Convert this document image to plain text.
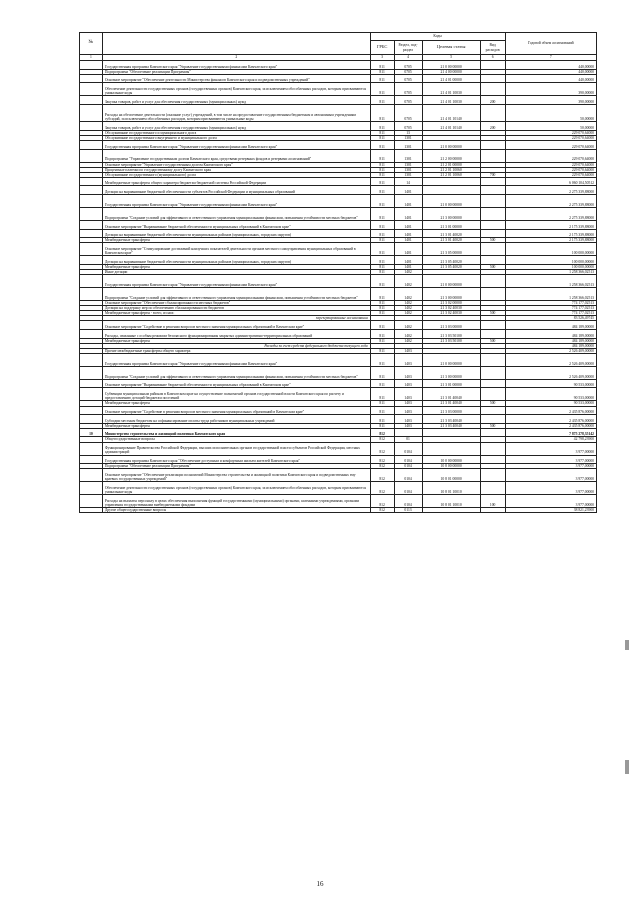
№		Коды				Годовой объем ассигнований
		ГРБС	Раздел, под-раздел	Целевая статья	Вид расходов	
1	2	3	4	5	6	7
	Государственная программа Камчатского края "Управление государственными финансами Камчатского края"	811	0705	21 0 00 00000		440,00000
	Подпрограмма "Обеспечение реализации Программы"	811	0705	21 4 00 00000		440,00000
	Основное мероприятие "Обеспечение деятельности Министерства финансов Камчатского края и подведомственных учреждений"	811	0705	21 4 01 00000		440,00000
	Обеспечение деятельности государственных органов (государственных органов) Камчатского края, за исключением обособленных расходов, которым присваиваются уникальные коды	811	0705	21 4 01 10030		390,00000
	Закупка товаров, работ и услуг для обеспечения государственных (муниципальных) нужд	811	0705	21 4 01 10030	200	390,00000
	Расходы на обеспечение деятельности (оказание услуг) учреждений, в том числе на предоставление государственным бюджетным и автономным учреждениям субсидий, за исключением обособленных расходов, которым присваиваются уникальные коды	811	0705	21 4 01 10140		50,00000
	Закупка товаров, работ и услуг для обеспечения государственных (муниципальных) нужд	811	0705	21 4 01 10140	200	50,00000
	Обслуживание государственного и муниципального долга	811	13			229 070,64000
	Обслуживание государственного внутреннего и муниципального долга	811	1301			229 070,64000
	Государственная программа Камчатского края "Управление государственными финансами Камчатского края"	811	1301	21 0 00 00000		229 070,64000
	Подпрограмма "Управление государственным долгом Камчатского края, средствами резервных фондов и резервами ассигнований"	811	1301	21 2 00 00000		229 070,64000
	Основное мероприятие "Управление государственным долгом Камчатского края"	811	1301	21 2 01 00000		229 070,64000
	Процентные платежи по государственному долгу Камчатского края	811	1301	21 2 01 10060		229 070,64000
	Обслуживание государственного (муниципального) долга	811	1301	21 2 01 10060	700	229 070,64000
	Межбюджетные трансферты общего характера бюджетам бюджетной системы Российской Федерации	811	14			6 060 104,50512
	Дотации на выравнивание бюджетной обеспеченности субъектов Российской Федерации и муниципальных образований	811	1401			2 275 339,88000
	Государственная программа Камчатского края "Управление государственными финансами Камчатского края"	811	1401	21 0 00 00000		2 275 339,88000
	Подпрограмма "Создание условий для эффективного и ответственного управления муниципальными финансами, повышения устойчивости местных бюджетов"	811	1401	21 3 00 00000		2 275 339,88000
	Основное мероприятие "Выравнивание бюджетной обеспеченности муниципальных образований в Камчатском крае"	811	1401	21 3 01 00000		2 175 339,88000
	Дотации на выравнивание бюджетной обеспеченности муниципальных районов (муниципальных, городских округов)	811	1401	21 3 01 40020		2 175 339,88000
	Межбюджетные трансферты	811	1401	21 3 01 40020	500	2 175 339,88000
	Основное мероприятие "Стимулирование достижений наилучших показателей деятельности органов местного самоуправления муниципальных образований в Камчатском крае"	811	1401	21 3 05 00000		100 000,00000
	Дотации на выравнивание бюджетной обеспеченности муниципальных районов (муниципальных, городских округов)	811	1401	21 3 05 40020		100 000,00000
	Межбюджетные трансферты	811	1401	21 3 05 40020	500	100 000,00000
	Иные дотации	811	1402			1 258 366,02513
	Государственная программа Камчатского края "Управление государственными финансами Камчатского края"	811	1402	21 0 00 00000		1 258 366,02513
	Подпрограмма "Создание условий для эффективного и ответственного управления муниципальными финансами, повышения устойчивости местных бюджетов"	811	1402	21 3 00 00000		1 258 366,02513
	Основное мероприятие "Обеспечение сбалансированности местных бюджетов"	811	1402	21 3 02 00000		774 177,02513
	Дотации на поддержку мер по обеспечению сбалансированности бюджетов	811	1402	21 3 02 40030		774 177,02513
	Межбюджетные трансферты - всего, из них:	811	1402	21 3 02 40030	500	774 177,02513
	зарезервированные ассигнования					83 526,49745
	Основное мероприятие "Содействие в решении вопросов местного значения муниципальных образований в Камчатском крае"	811	1402	21 3 03 00000		484 189,00000
	Расходы, связанные с особым режимом безопасного функционирования закрытых административно-территориальных образований	811	1402	21 3 03 50100		484 189,00000
	Межбюджетные трансферты	811	1402	21 3 03 50100	500	484 189,00000
	Расходы за счет средств федерального бюджета текущего года					484 189,00000
	Прочие межбюджетные трансферты общего характера	811	1403			2 526 409,00000
	Государственная программа Камчатского края "Управление государственными финансами Камчатского края"	811	1403	21 0 00 00000		2 526 409,00000
	Подпрограмма "Создание условий для эффективного и ответственного управления муниципальными финансами, повышения устойчивости местных бюджетов"	811	1403	21 3 00 00000		2 526 409,00000
	Основное мероприятие "Выравнивание бюджетной обеспеченности муниципальных образований в Камчатском крае"	811	1403	21 3 01 00000		90 533,00000
	Субвенции муниципальным районам в Камчатском крае на осуществление полномочий органов государственной власти Камчатского края по расчету и предоставлению дотаций бюджетам поселений	811	1403	21 3 01 40040		90 533,00000
	Межбюджетные трансферты	811	1403	21 3 01 40040	500	90 533,00000
	Основное мероприятие "Содействие в решении вопросов местного значения муниципальных образований в Камчатском крае"	811	1403	21 3 03 00000		2 435 876,00000
	Субсидии местным бюджетам на софинансирование оплаты труда работников муниципальных учреждений	811	1403	21 3 03 40040		2 435 876,00000
	Межбюджетные трансферты	811	1403	21 3 03 40040	500	2 435 876,00000
10	Министерство строительства и жилищной политики Камчатского края	812				7 875 278,35142
	Общегосударственные вопросы	812	01			42 798,23900
	Функционирование Правительства Российской Федерации, высших исполнительных органов государственной власти субъектов Российской Федерации, местных администраций	812	0104			3 977,00000
	Государственная программа Камчатского края "Обеспечение доступным и комфортным жильем жителей Камчатского края"	812	0104	10 0 00 00000		3 977,00000
	Подпрограмма "Обеспечение реализации Программы"	812	0104	10 8 00 00000		3 977,00000
	Основное мероприятие "Обеспечение реализации полномочий Министерства строительства и жилищной политики Камчатского края и подведомственных ему краевых государственных учреждений"	812	0104	10 8 01 00000		3 977,00000
	Обеспечение деятельности государственных органов (государственных органов) Камчатского края, за исключением обособленных расходов, которым присваиваются уникальные коды	812	0104	10 8 01 10010		3 977,00000
	Расходы на выплаты персоналу в целях обеспечения выполнения функций государственными (муниципальными) органами, казенными учреждениями, органами управления государственными внебюджетными фондами	812	0104	10 8 01 10010	100	3 977,00000
	Другие общегосударственные вопросы	812	0113			38 821,23900
16
